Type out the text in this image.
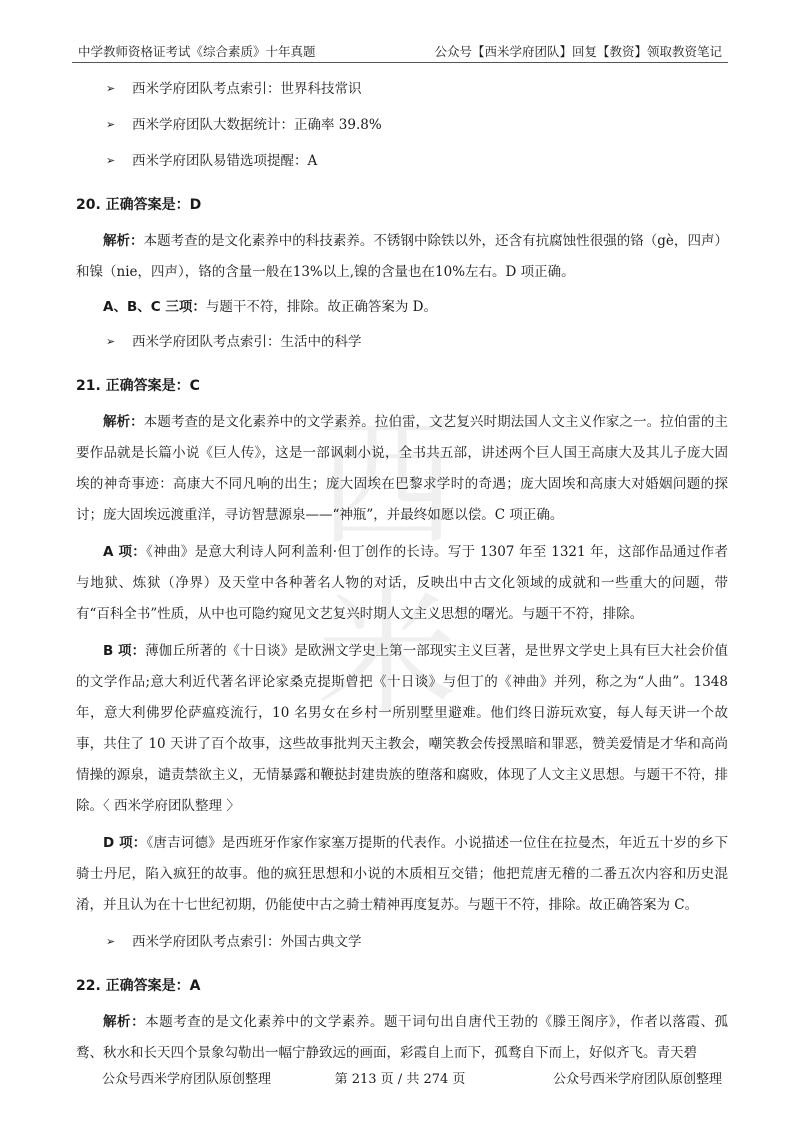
中学教师资格证考试《综合素质》十年真题	公众号【西米学府团队】回复【教资】领取教资笔记
西米
➢ 西米学府团队考点索引：世界科技常识
➢ 西米学府团队大数据统计：正确率 39.8%
➢ 西米学府团队易错选项提醒：A
20. 正确答案是：D

解析：本题考查的是文化素养中的科技素养。不锈钢中除铁以外，还含有抗腐蚀性很强的铬（gè，四声）和镍（nie，四声），铬的含量一般在13%以上,镍的含量也在10%左右。D 项正确。

A、B、C 三项：与题干不符，排除。故正确答案为 D。

➢ 西米学府团队考点索引：生活中的科学
21. 正确答案是：C

解析：本题考查的是文化素养中的文学素养。拉伯雷，文艺复兴时期法国人文主义作家之一。拉伯雷的主要作品就是长篇小说《巨人传》，这是一部讽刺小说，全书共五部，讲述两个巨人国王高康大及其儿子庞大固埃的神奇事迹：高康大不同凡响的出生；庞大固埃在巴黎求学时的奇遇；庞大固埃和高康大对婚姻问题的探讨；庞大固埃远渡重洋，寻访智慧源泉——“神瓶”，并最终如愿以偿。C 项正确。

A 项：《神曲》是意大利诗人阿利盖利·但丁创作的长诗。写于 1307 年至 1321 年，这部作品通过作者与地狱、炼狱（净界）及天堂中各种著名人物的对话，反映出中古文化领域的成就和一些重大的问题，带有“百科全书”性质，从中也可隐约窥见文艺复兴时期人文主义思想的曙光。与题干不符，排除。

B 项：薄伽丘所著的《十日谈》是欧洲文学史上第一部现实主义巨著，是世界文学史上具有巨大社会价值的文学作品;意大利近代著名评论家桑克提斯曾把《十日谈》与但丁的《神曲》并列，称之为“人曲”。1348 年，意大利佛罗伦萨瘟疫流行，10 名男女在乡村一所别墅里避难。他们终日游玩欢宴，每人每天讲一个故事，共住了 10 天讲了百个故事，这些故事批判天主教会，嘲笑教会传授黑暗和罪恶，赞美爱情是才华和高尚情操的源泉，谴责禁欲主义，无情暴露和鞭挞封建贵族的堕落和腐败，体现了人文主义思想。与题干不符，排除。〈 西米学府团队整理 〉

D 项：《唐吉诃德》是西班牙作家作家塞万提斯的代表作。小说描述一位住在拉曼杰，年近五十岁的乡下骑士丹尼，陷入疯狂的故事。他的疯狂思想和小说的木质相互交错；他把荒唐无稽的二番五次内容和历史混淆，并且认为在十七世纪初期，仍能使中古之骑士精神再度复苏。与题干不符，排除。故正确答案为 C。

➢ 西米学府团队考点索引：外国古典文学
22. 正确答案是：A

解析：本题考查的是文化素养中的文学素养。题干词句出自唐代王勃的《滕王阁序》，作者以落霞、孤鹜、秋水和长天四个景象勾勒出一幅宁静致远的画面，彩霞自上而下，孤鹜自下而上，好似齐飞。青天碧

公众号西米学府团队原创整理	第 213 页 / 共 274 页	公众号西米学府团队原创整理
